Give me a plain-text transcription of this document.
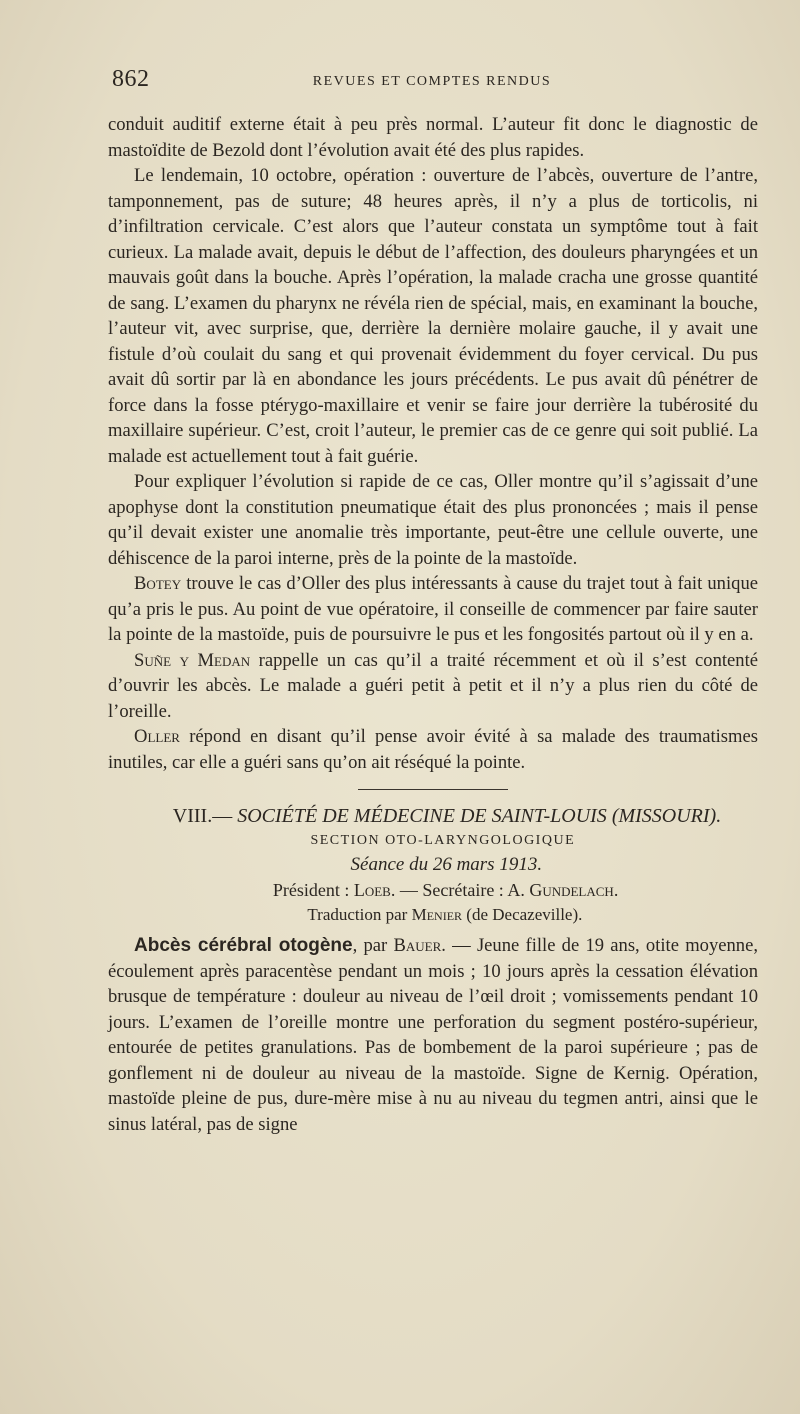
862	REVUES ET COMPTES RENDUS

conduit auditif externe était à peu près normal. L’auteur fit donc le diagnostic de mastoïdite de Bezold dont l’évolution avait été des plus rapides.

Le lendemain, 10 octobre, opération : ouverture de l’abcès, ouverture de l’antre, tamponnement, pas de suture; 48 heures après, il n’y a plus de torticolis, ni d’infiltration cervicale. C’est alors que l’auteur constata un symptôme tout à fait curieux. La malade avait, depuis le début de l’affection, des douleurs pharyngées et un mauvais goût dans la bouche. Après l’opération, la malade cracha une grosse quantité de sang. L’examen du pharynx ne révéla rien de spécial, mais, en examinant la bouche, l’auteur vit, avec surprise, que, derrière la dernière molaire gauche, il y avait une fistule d’où coulait du sang et qui provenait évidemment du foyer cervical. Du pus avait dû sortir par là en abondance les jours précédents. Le pus avait dû pénétrer de force dans la fosse ptérygo-maxillaire et venir se faire jour derrière la tubérosité du maxillaire supérieur. C’est, croit l’auteur, le premier cas de ce genre qui soit publié. La malade est actuellement tout à fait guérie.

Pour expliquer l’évolution si rapide de ce cas, Oller montre qu’il s’agissait d’une apophyse dont la constitution pneumatique était des plus prononcées ; mais il pense qu’il devait exister une anomalie très importante, peut-être une cellule ouverte, une déhiscence de la paroi interne, près de la pointe de la mastoïde.

Botey trouve le cas d’Oller des plus intéressants à cause du trajet tout à fait unique qu’a pris le pus. Au point de vue opératoire, il conseille de commencer par faire sauter la pointe de la mastoïde, puis de poursuivre le pus et les fongosités partout où il y en a.

Suñe y Medan rappelle un cas qu’il a traité récemment et où il s’est contenté d’ouvrir les abcès. Le malade a guéri petit à petit et il n’y a plus rien du côté de l’oreille.

Oller répond en disant qu’il pense avoir évité à sa malade des traumatismes inutiles, car elle a guéri sans qu’on ait réséqué la pointe.

VIII.— SOCIÉTÉ DE MÉDECINE DE SAINT-LOUIS (MISSOURI).

SECTION OTO-LARYNGOLOGIQUE

Séance du 26 mars 1913.

Président : Loeb. — Secrétaire : A. Gundelach.

Traduction par Menier (de Decazeville).

Abcès cérébral otogène, par Bauer. — Jeune fille de 19 ans, otite moyenne, écoulement après paracentèse pendant un mois ; 10 jours après la cessation élévation brusque de température : douleur au niveau de l’œil droit ; vomissements pendant 10 jours. L’examen de l’oreille montre une perforation du segment postéro-supérieur, entourée de petites granulations. Pas de bombement de la paroi supérieure ; pas de gonflement ni de douleur au niveau de la mastoïde. Signe de Kernig. Opération, mastoïde pleine de pus, dure-mère mise à nu au niveau du tegmen antri, ainsi que le sinus latéral, pas de signe
